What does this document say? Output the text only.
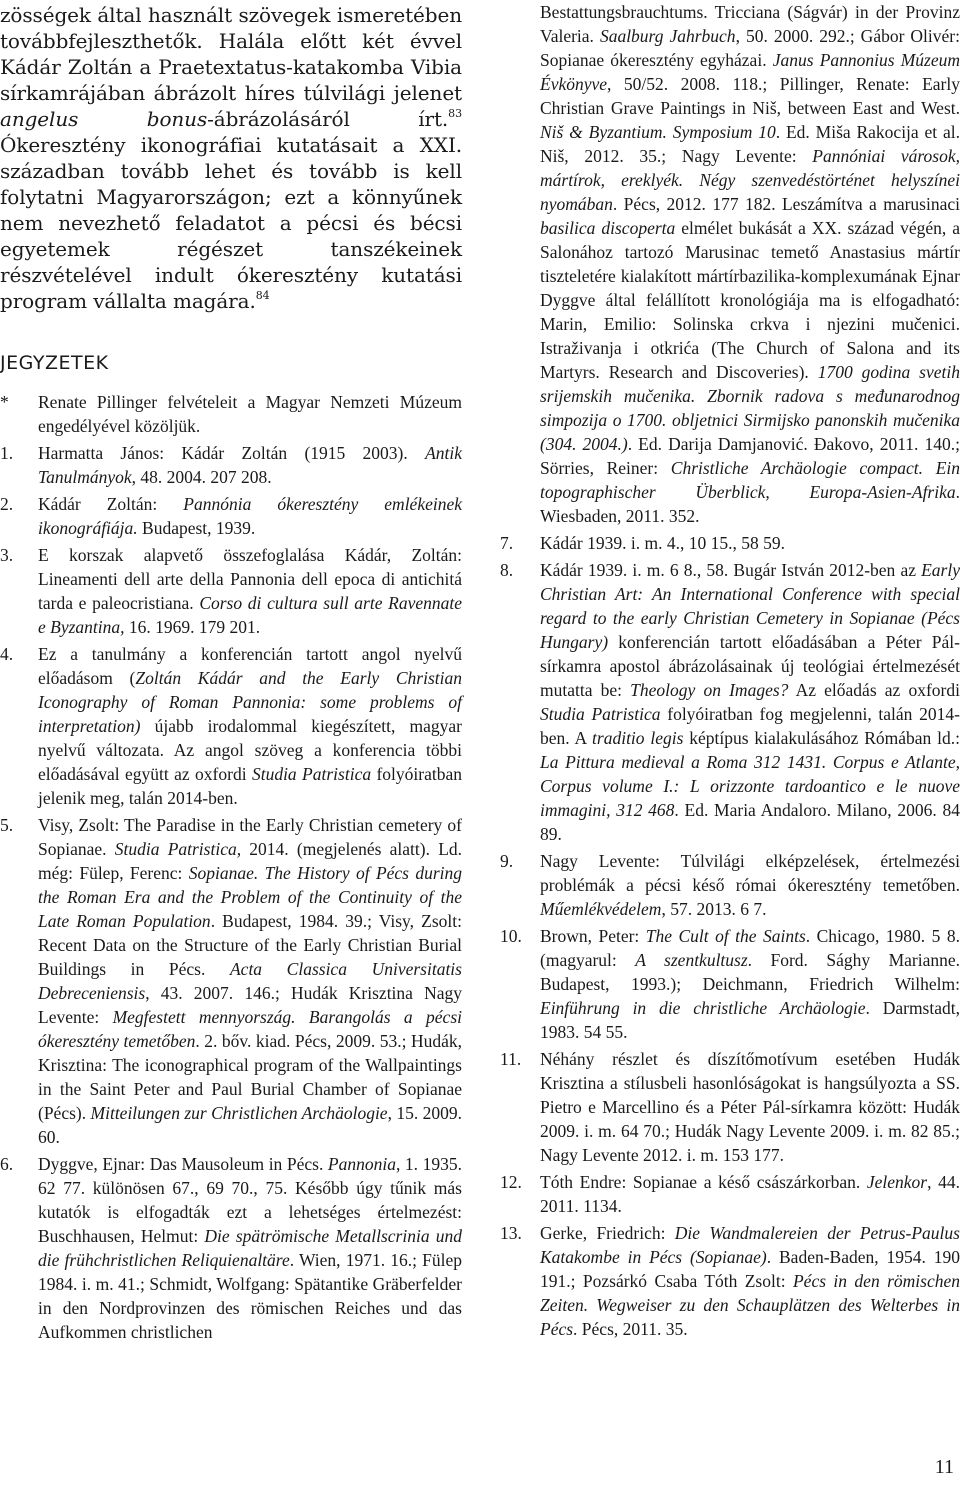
zösségek által használt szövegek ismeretében továbbfejleszthetők. Halála előtt két évvel Kádár Zoltán a Praetextatus-katakomba Vibia sírkamrájában ábrázolt híres túlvilági jelenet angelus bonus-ábrázolásáról írt.$^{83}$ Ókeresztény ikonográfiai kutatásait a XXI. században tovább lehet és tovább is kell folytatni Magyarországon; ezt a könnyűnek nem nevezhető feladatot a pécsi és bécsi egyetemek régészet tanszékeinek részvételével indult ókeresztény kutatási program vállalta magára.$^{84}$

JEGYZETEK
* Renate Pillinger felvételeit a Magyar Nemzeti Múzeum engedélyével közöljük.
1. Harmatta János: Kádár Zoltán (1915 2003). Antik Tanulmányok, 48. 2004. 207 208.
2. Kádár Zoltán: Pannónia ókeresztény emlékeinek ikonográfiája. Budapest, 1939.
3. E korszak alapvető összefoglalása Kádár, Zoltán: Lineamenti dell arte della Pannonia dell epoca di antichitá tarda e paleocristiana. Corso di cultura sull arte Ravennate e Byzantina, 16. 1969. 179 201.
4. Ez a tanulmány a konferencián tartott angol nyelvű előadásom (Zoltán Kádár and the Early Christian Iconography of Roman Pannonia: some problems of interpretation) újabb irodalommal kiegészített, magyar nyelvű változata. Az angol szöveg a konferencia többi előadásával együtt az oxfordi Studia Patristica folyóiratban jelenik meg, talán 2014-ben.
5. Visy, Zsolt: The Paradise in the Early Christian cemetery of Sopianae. Studia Patristica, 2014. (megjelenés alatt). Ld. még: Fülep, Ferenc: Sopianae. The History of Pécs during the Roman Era and the Problem of the Continuity of the Late Roman Population. Budapest, 1984. 39.; Visy, Zsolt: Recent Data on the Structure of the Early Christian Burial Buildings in Pécs. Acta Classica Universitatis Debreceniensis, 43. 2007. 146.; Hudák Krisztina Nagy Levente: Megfestett mennyország. Barangolás a pécsi ókeresztény temetőben. 2. bőv. kiad. Pécs, 2009. 53.; Hudák, Krisztina: The iconographical program of the Wallpaintings in the Saint Peter and Paul Burial Chamber of Sopianae (Pécs). Mitteilungen zur Christlichen Archäologie, 15. 2009. 60.
6. Dyggve, Ejnar: Das Mausoleum in Pécs. Pannonia, 1. 1935. 62 77. különösen 67., 69 70., 75. Később úgy tűnik más kutatók is elfogadták ezt a lehetséges értelmezést: Buschhausen, Helmut: Die spätrömische Metallscrinia und die frühchristlichen Reliquienaltäre. Wien, 1971. 16.; Fülep 1984. i. m. 41.; Schmidt, Wolfgang: Spätantike Gräberfelder in den Nordprovinzen des römischen Reiches und das Aufkommen christlichen
Bestattungsbrauchtums. Tricciana (Ságvár) in der Provinz Valeria. Saalburg Jahrbuch, 50. 2000. 292.; Gábor Olivér: Sopianae ókeresztény egyházai. Janus Pannonius Múzeum Évkönyve, 50/52. 2008. 118.; Pillinger, Renate: Early Christian Grave Paintings in Niš, between East and West. Niš & Byzantium. Symposium 10. Ed. Miša Rakocija et al. Niš, 2012. 35.; Nagy Levente: Pannóniai városok, mártírok, ereklyék. Négy szenvedéstörténet helyszínei nyomában. Pécs, 2012. 177 182. Leszámítva a marusinaci basilica discoperta elmélet bukását a XX. század végén, a Salonához tartozó Marusinac temető Anastasius mártír tiszteletére kialakított mártírbazilika-komplexumának Ejnar Dyggve által felállított kronológiája ma is elfogadható: Marin, Emilio: Solinska crkva i njezini mučenici. Istraživanja i otkrića (The Church of Salona and its Martyrs. Research and Discoveries). 1700 godina svetih srijemskih mučenika. Zbornik radova s međunarodnog simpozija o 1700. obljetnici Sirmijsko panonskih mučenika (304. 2004.). Ed. Darija Damjanović. Đakovo, 2011. 140.; Sörries, Reiner: Christliche Archäologie compact. Ein topographischer Überblick, Europa-Asien-Afrika. Wiesbaden, 2011. 352.
7. Kádár 1939. i. m. 4., 10 15., 58 59.
8. Kádár 1939. i. m. 6 8., 58. Bugár István 2012-ben az Early Christian Art: An International Conference with special regard to the early Christian Cemetery in Sopianae (Pécs Hungary) konferencián tartott előadásában a Péter Pál-sírkamra apostol ábrázolásainak új teológiai értelmezését mutatta be: Theology on Images? Az előadás az oxfordi Studia Patristica folyóiratban fog megjelenni, talán 2014-ben. A traditio legis képtípus kialakulásához Rómában ld.: La Pittura medieval a Roma 312 1431. Corpus e Atlante, Corpus volume I.: L orizzonte tardoantico e le nuove immagini, 312 468. Ed. Maria Andaloro. Milano, 2006. 84 89.
9. Nagy Levente: Túlvilági elképzelések, értelmezési problémák a pécsi késő római ókeresztény temetőben. Műemlékvédelem, 57. 2013. 6 7.
10. Brown, Peter: The Cult of the Saints. Chicago, 1980. 5 8. (magyarul: A szentkultusz. Ford. Sághy Marianne. Budapest, 1993.); Deichmann, Friedrich Wilhelm: Einführung in die christliche Archäologie. Darmstadt, 1983. 54 55.
11. Néhány részlet és díszítőmotívum esetében Hudák Krisztina a stílusbeli hasonlóságokat is hangsúlyozta a SS. Pietro e Marcellino és a Péter Pál-sírkamra között: Hudák 2009. i. m. 64 70.; Hudák Nagy Levente 2009. i. m. 82 85.; Nagy Levente 2012. i. m. 153 177.
12. Tóth Endre: Sopianae a késő császárkorban. Jelenkor, 44. 2011. 1134.
13. Gerke, Friedrich: Die Wandmalereien der Petrus-Paulus Katakombe in Pécs (Sopianae). Baden-Baden, 1954. 190 191.; Pozsárkó Csaba Tóth Zsolt: Pécs in den römischen Zeiten. Wegweiser zu den Schauplätzen des Welterbes in Pécs. Pécs, 2011. 35.
11
